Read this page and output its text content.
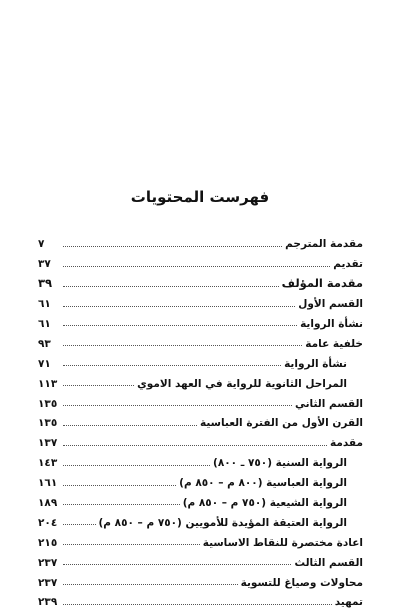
فهرست المحتويات
مقدمة المترجم
٧
تقديم
٣٧
مقدمة المؤلف
٣٩
القسم الأول
٦١
نشأة الرواية
٦١
خلفية عامة
٩٣
نشأة الرواية
٧١
المراحل الثانوية للرواية في العهد الاموي
١١٣
القسم الثاني
١٣٥
القرن الأول من الفترة العباسية
١٣٥
مقدمة
١٣٧
الرواية السنية (٧٥٠ ـ ٨٠٠)
١٤٣
الرواية العباسية (٨٠٠ م – ٨٥٠ م)
١٦١
الرواية الشيعية (٧٥٠ م – ٨٥٠ م)
١٨٩
الرواية العتيقة المؤيدة للأمويين (٧٥٠ م – ٨٥٠ م)
٢٠٤
اعادة مختصرة للنقاط الاساسية
٢١٥
القسم الثالث
٢٣٧
محاولات وصياغ للتسوية
٢٣٧
تمهيد
٢٣٩
